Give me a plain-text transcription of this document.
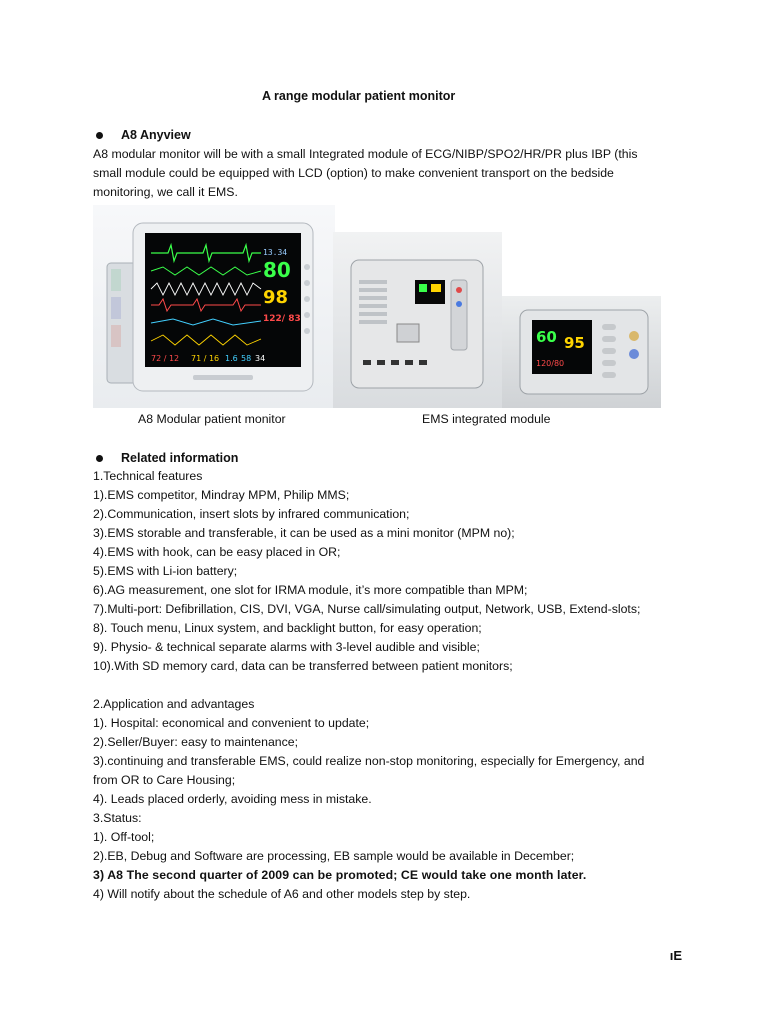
A range modular patient monitor
A8 Anyview
A8 modular monitor will be with a small Integrated module of ECG/NIBP/SPO2/HR/PR plus IBP (this
small module could be equipped with LCD (option) to make convenient transport on the bedside
monitoring, we call it EMS.
13.34
80
98
122/ 83
72 / 12 71 / 16 1.6 58 34
60 95
120/80
A8 Modular patient monitor	EMS integrated module
Related information
1.Technical features
1).EMS competitor, Mindray MPM, Philip MMS;
2).Communication, insert slots by infrared communication;
3).EMS storable and transferable, it can be used as a mini monitor (MPM no);
4).EMS with hook, can be easy placed in OR;
5).EMS with Li-ion battery;
6).AG measurement, one slot for IRMA module, it’s more compatible than MPM;
7).Multi-port: Defibrillation, CIS, DVI, VGA, Nurse call/simulating output, Network, USB, Extend-slots;
8). Touch menu, Linux system, and backlight button, for easy operation;
9). Physio- & technical separate alarms with 3-level audible and visible;
10).With SD memory card, data can be transferred between patient monitors;
2.Application and advantages
1). Hospital: economical and convenient to update;
2).Seller/Buyer: easy to maintenance;
3).continuing and transferable EMS, could realize non-stop monitoring, especially for Emergency, and
from OR to Care Housing;
4). Leads placed orderly, avoiding mess in mistake.
3.Status:
1). Off-tool;
2).EB, Debug and Software are processing, EB sample would be available in December;
3) A8 The second quarter of 2009 can be promoted; CE would take one month later.
4) Will notify about the schedule of A6 and other models step by step.
ıE
